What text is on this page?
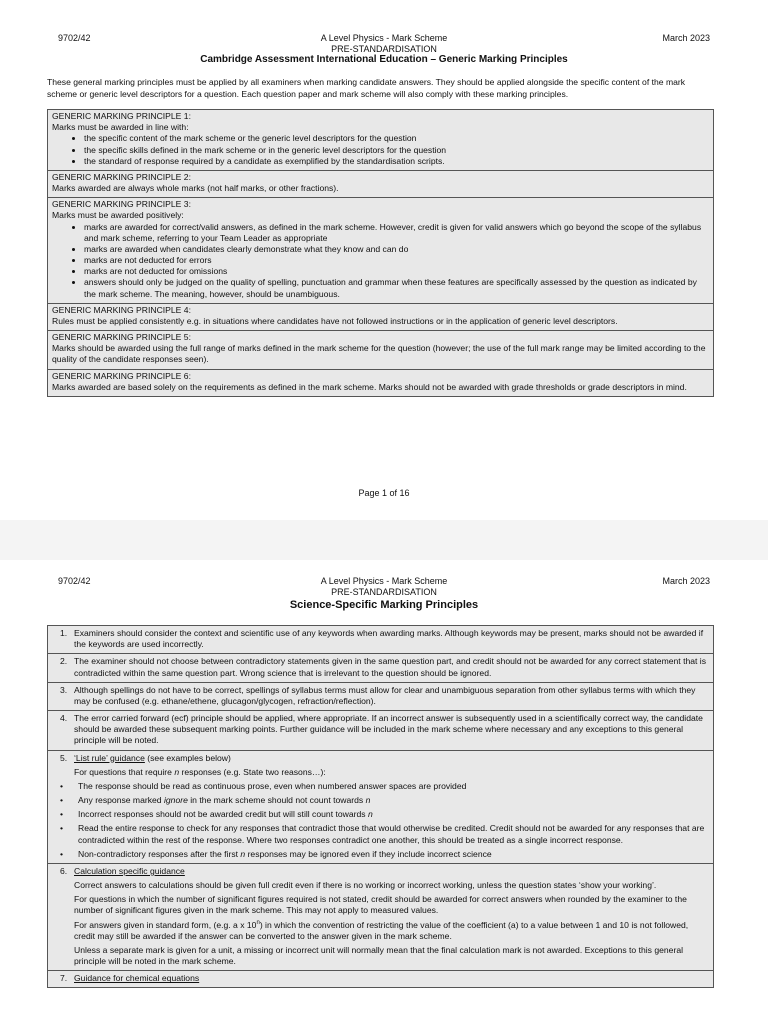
9702/42	A Level Physics - Mark Scheme
PRE-STANDARDISATION
Cambridge Assessment International Education – Generic Marking Principles
March 2023
These general marking principles must be applied by all examiners when marking candidate answers. They should be applied alongside the specific content of the mark scheme or generic level descriptors for a question. Each question paper and mark scheme will also comply with these marking principles.
GENERIC MARKING PRINCIPLE 1:
Marks must be awarded in line with:
• the specific content of the mark scheme or the generic level descriptors for the question
• the specific skills defined in the mark scheme or in the generic level descriptors for the question
• the standard of response required by a candidate as exemplified by the standardisation scripts.
GENERIC MARKING PRINCIPLE 2:
Marks awarded are always whole marks (not half marks, or other fractions).
GENERIC MARKING PRINCIPLE 3:
Marks must be awarded positively:
• marks are awarded for correct/valid answers, as defined in the mark scheme. However, credit is given for valid answers which go beyond the scope of the syllabus and mark scheme, referring to your Team Leader as appropriate
• marks are awarded when candidates clearly demonstrate what they know and can do
• marks are not deducted for errors
• marks are not deducted for omissions
• answers should only be judged on the quality of spelling, punctuation and grammar when these features are specifically assessed by the question as indicated by the mark scheme. The meaning, however, should be unambiguous.
GENERIC MARKING PRINCIPLE 4:
Rules must be applied consistently e.g. in situations where candidates have not followed instructions or in the application of generic level descriptors.
GENERIC MARKING PRINCIPLE 5:
Marks should be awarded using the full range of marks defined in the mark scheme for the question (however; the use of the full mark range may be limited according to the quality of the candidate responses seen).
GENERIC MARKING PRINCIPLE 6:
Marks awarded are based solely on the requirements as defined in the mark scheme. Marks should not be awarded with grade thresholds or grade descriptors in mind.
Page 1 of 16
9702/42	A Level Physics - Mark Scheme
PRE-STANDARDISATION
Science-Specific Marking Principles
March 2023
1. Examiners should consider the context and scientific use of any keywords when awarding marks. Although keywords may be present, marks should not be awarded if the keywords are used incorrectly.
2. The examiner should not choose between contradictory statements given in the same question part, and credit should not be awarded for any correct statement that is contradicted within the same question part. Wrong science that is irrelevant to the question should be ignored.
3. Although spellings do not have to be correct, spellings of syllabus terms must allow for clear and unambiguous separation from other syllabus terms with which they may be confused (e.g. ethane/ethene, glucagon/glycogen, refraction/reflection).
4. The error carried forward (ecf) principle should be applied, where appropriate. If an incorrect answer is subsequently used in a scientifically correct way, the candidate should be awarded these subsequent marking points. Further guidance will be included in the mark scheme where necessary and any exceptions to this general principle will be noted.
5. ‘List rule’ guidance (see examples below)
For questions that require n responses (e.g. State two reasons…):
•	The response should be read as continuous prose, even when numbered answer spaces are provided
•	Any response marked ignore in the mark scheme should not count towards n
•	Incorrect responses should not be awarded credit but will still count towards n
•	Read the entire response to check for any responses that contradict those that would otherwise be credited. Credit should not be awarded for any responses that are contradicted within the rest of the response. Where two responses contradict one another, this should be treated as a single incorrect response.
•	Non-contradictory responses after the first n responses may be ignored even if they include incorrect science
6. Calculation specific guidance
Correct answers to calculations should be given full credit even if there is no working or incorrect working, unless the question states ‘show your working’.
For questions in which the number of significant figures required is not stated, credit should be awarded for correct answers when rounded by the examiner to the number of significant figures given in the mark scheme. This may not apply to measured values.
For answers given in standard form, (e.g. a x 10$^n$) in which the convention of restricting the value of the coefficient (a) to a value between 1 and 10 is not followed, credit may still be awarded if the answer can be converted to the answer given in the mark scheme.
Unless a separate mark is given for a unit, a missing or incorrect unit will normally mean that the final calculation mark is not awarded. Exceptions to this general principle will be noted in the mark scheme.
7. Guidance for chemical equations
